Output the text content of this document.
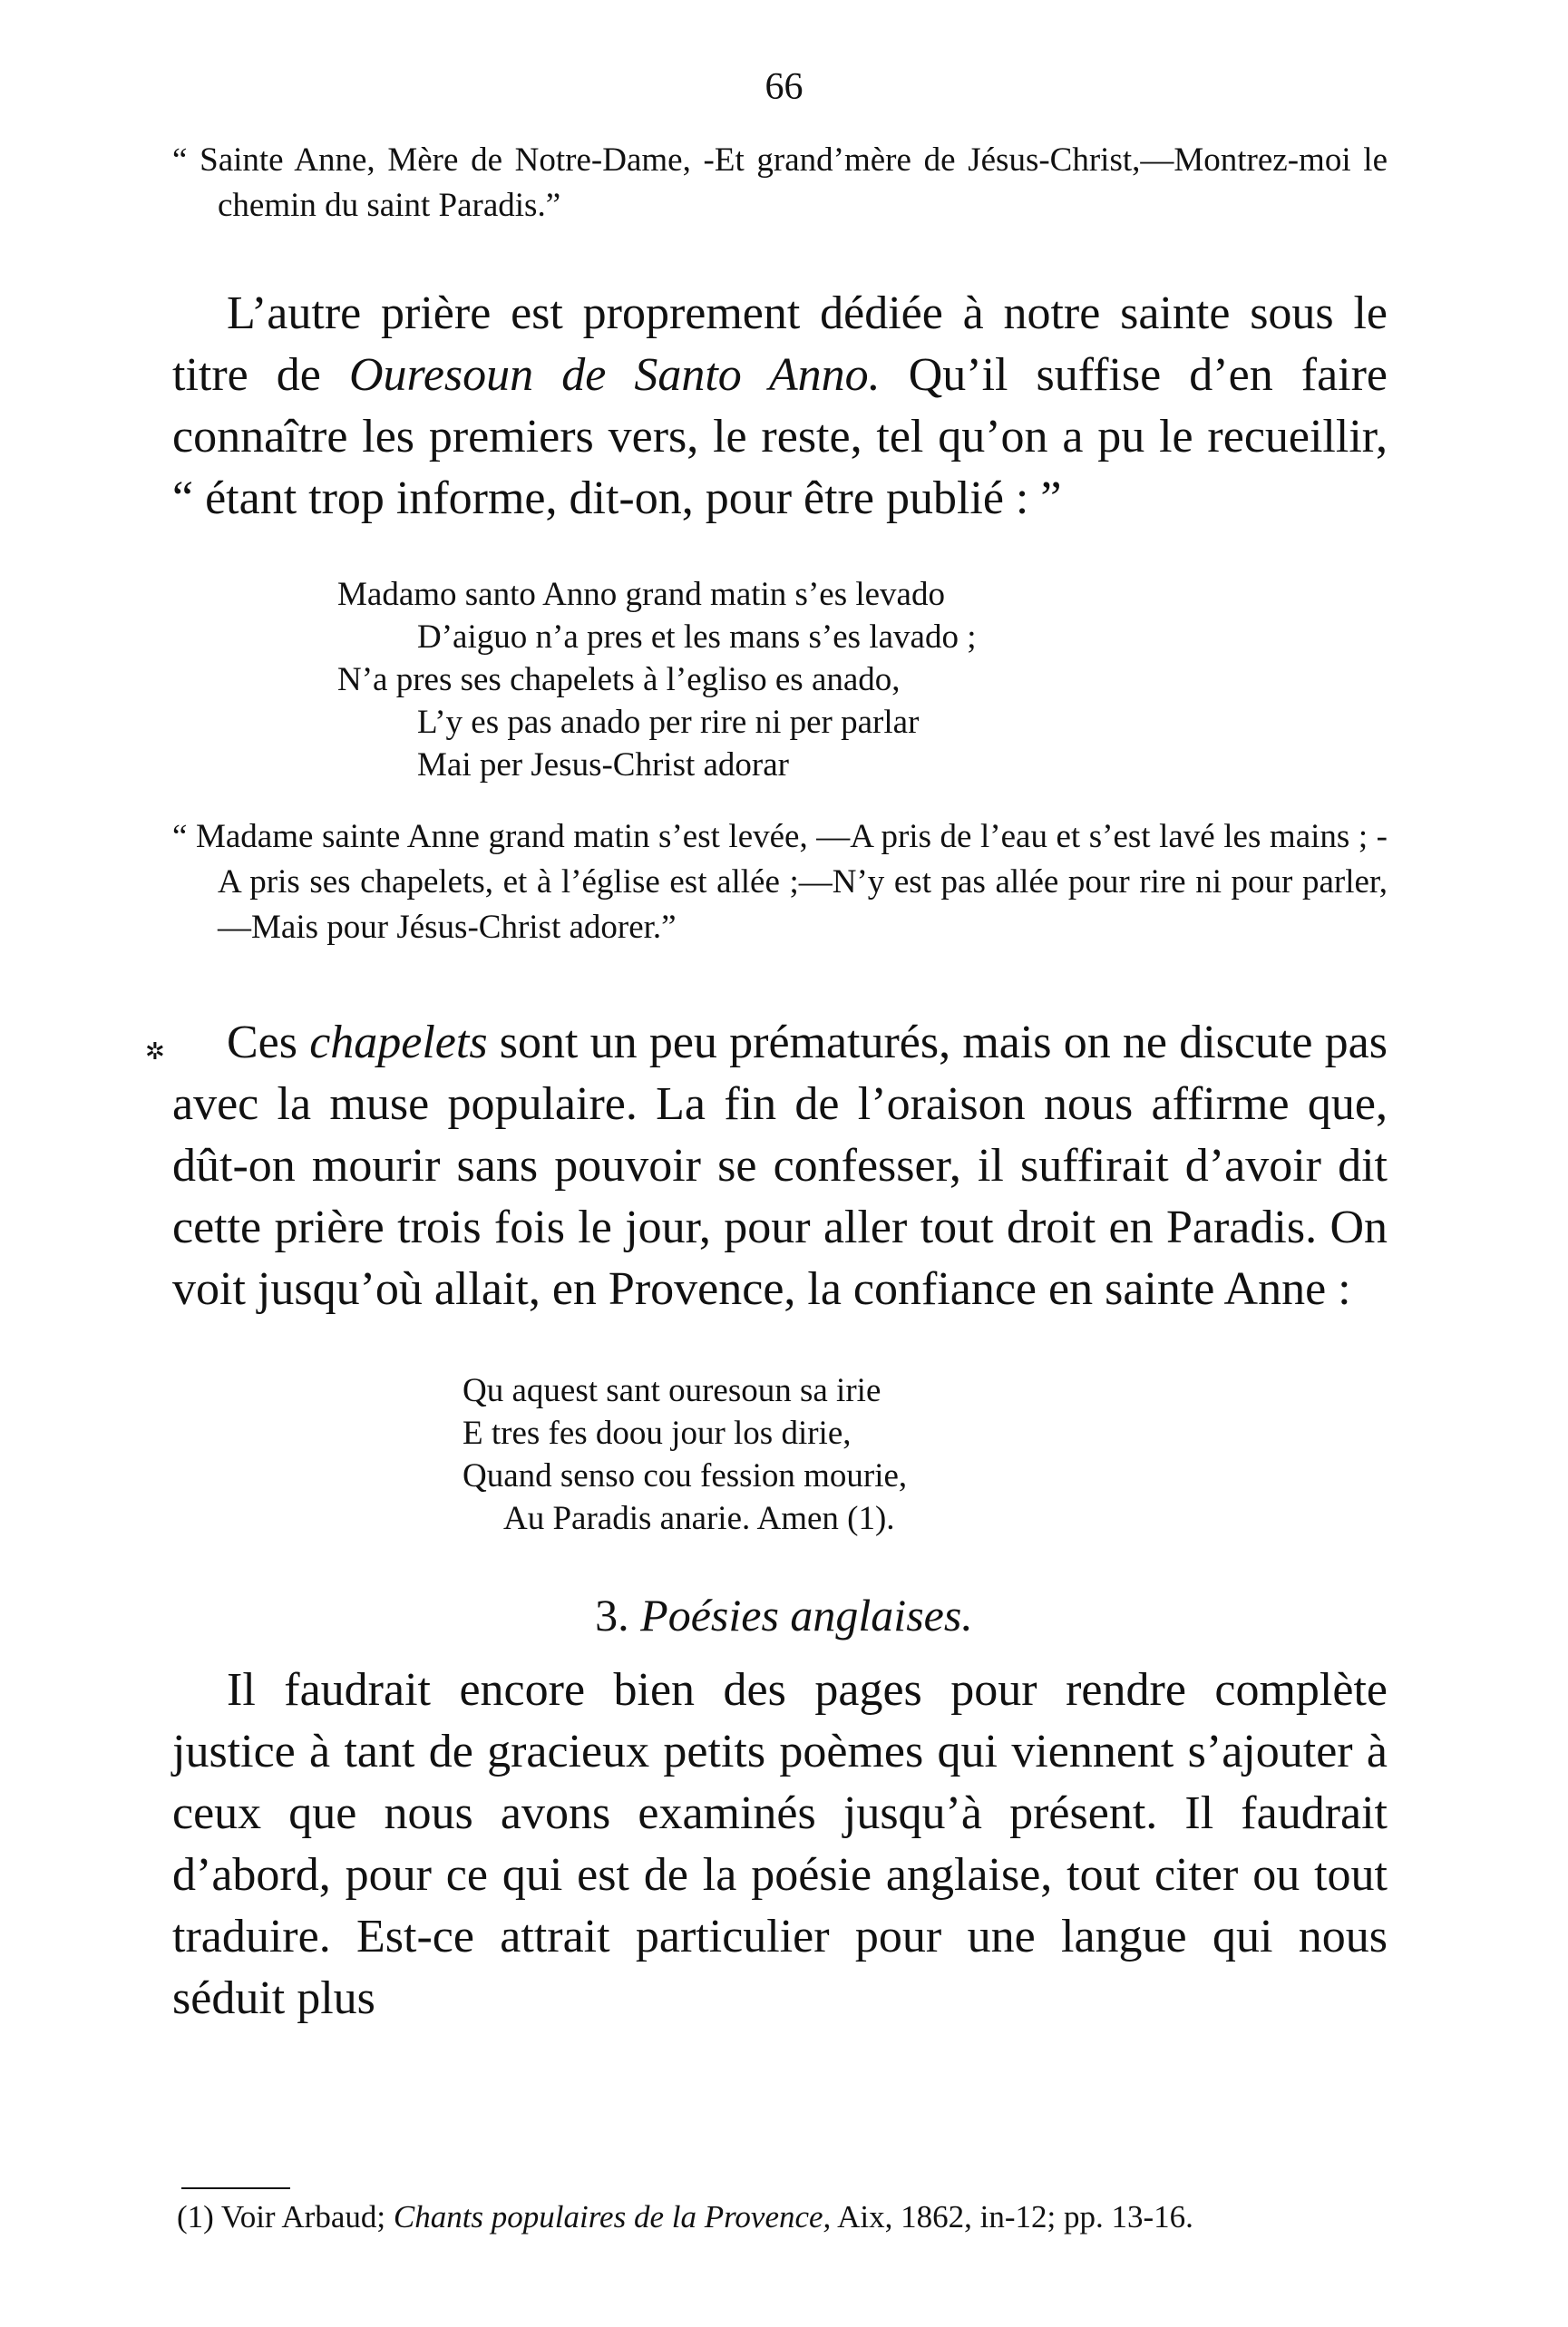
66
“ Sainte Anne, Mère de Notre-Dame, -Et grand’mère de Jésus-Christ,—Montrez-moi le chemin du saint Paradis.”
L’autre prière est proprement dédiée à notre sainte sous le titre de Ouresoun de Santo Anno. Qu’il suffise d’en faire connaître les premiers vers, le reste, tel qu’on a pu le recueillir, “ étant trop informe, dit-on, pour être publié : ”
Madamo santo Anno grand matin s’es levado
D’aiguo n’a pres et les mans s’es lavado ;
N’a pres ses chapelets à l’egliso es anado,
L’y es pas anado per rire ni per parlar
Mai per Jesus-Christ adorar
“ Madame sainte Anne grand matin s’est levée, —A pris de l’eau et s’est lavé les mains ; -A pris ses chapelets, et à l’église est allée ;—N’y est pas allée pour rire ni pour parler,—Mais pour Jésus-Christ adorer.”
✲	Ces chapelets sont un peu prématurés, mais on ne discute pas avec la muse populaire. La fin de l’oraison nous affirme que, dût-on mourir sans pouvoir se confesser, il suffirait d’avoir dit cette prière trois fois le jour, pour aller tout droit en Paradis. On voit jusqu’où allait, en Provence, la confiance en sainte Anne :
Qu aquest sant ouresoun sa irie
E tres fes doou jour los dirie,
Quand senso cou fession mourie,
Au Paradis anarie. Amen (1).
3. Poésies anglaises.
Il faudrait encore bien des pages pour rendre complète justice à tant de gracieux petits poèmes qui viennent s’ajouter à ceux que nous avons examinés jusqu’à présent. Il faudrait d’abord, pour ce qui est de la poésie anglaise, tout citer ou tout traduire. Est-ce attrait particulier pour une langue qui nous séduit plus
(1) Voir Arbaud; Chants populaires de la Provence, Aix, 1862, in-12; pp. 13-16.
